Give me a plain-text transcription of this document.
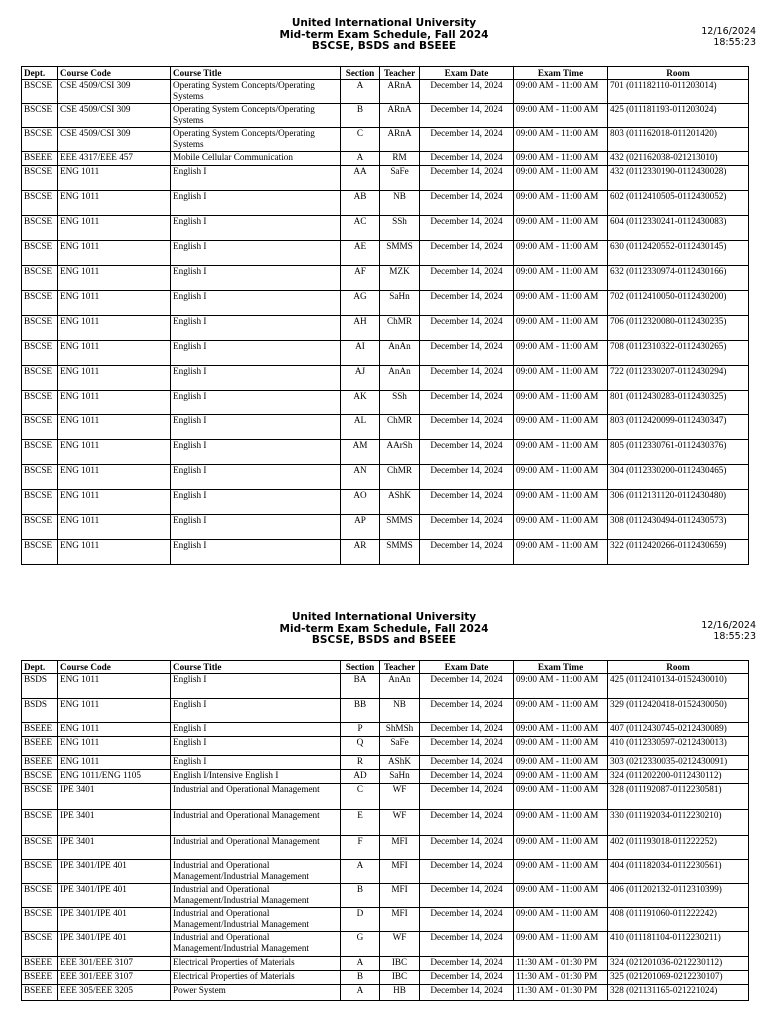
United International University
Mid-term Exam Schedule, Fall 2024
BSCSE, BSDS and BSEEE
12/16/2024
18:55:23
Dept.	Course Code	Course Title	Section	Teacher	Exam Date	Exam Time	Room
BSCSE	CSE 4509/CSI 309	Operating System Concepts/Operating Systems	A	ARnA	December 14, 2024	09:00 AM - 11:00 AM	701 (011182110-011203014)
BSCSE	CSE 4509/CSI 309	Operating System Concepts/Operating Systems	B	ARnA	December 14, 2024	09:00 AM - 11:00 AM	425 (011181193-011203024)
BSCSE	CSE 4509/CSI 309	Operating System Concepts/Operating Systems	C	ARnA	December 14, 2024	09:00 AM - 11:00 AM	803 (011162018-011201420)
BSEEE	EEE 4317/EEE 457	Mobile Cellular Communication	A	RM	December 14, 2024	09:00 AM - 11:00 AM	432 (021162038-021213010)
BSCSE	ENG 1011	English I	AA	SaFe	December 14, 2024	09:00 AM - 11:00 AM	432 (0112330190-0112430028)
BSCSE	ENG 1011	English I	AB	NB	December 14, 2024	09:00 AM - 11:00 AM	602 (0112410505-0112430052)
BSCSE	ENG 1011	English I	AC	SSh	December 14, 2024	09:00 AM - 11:00 AM	604 (0112330241-0112430083)
BSCSE	ENG 1011	English I	AE	SMMS	December 14, 2024	09:00 AM - 11:00 AM	630 (0112420552-0112430145)
BSCSE	ENG 1011	English I	AF	MZK	December 14, 2024	09:00 AM - 11:00 AM	632 (0112330974-0112430166)
BSCSE	ENG 1011	English I	AG	SaHn	December 14, 2024	09:00 AM - 11:00 AM	702 (0112410050-0112430200)
BSCSE	ENG 1011	English I	AH	ChMR	December 14, 2024	09:00 AM - 11:00 AM	706 (0112320080-0112430235)
BSCSE	ENG 1011	English I	AI	AnAn	December 14, 2024	09:00 AM - 11:00 AM	708 (0112310322-0112430265)
BSCSE	ENG 1011	English I	AJ	AnAn	December 14, 2024	09:00 AM - 11:00 AM	722 (0112330207-0112430294)
BSCSE	ENG 1011	English I	AK	SSh	December 14, 2024	09:00 AM - 11:00 AM	801 (0112430283-0112430325)
BSCSE	ENG 1011	English I	AL	ChMR	December 14, 2024	09:00 AM - 11:00 AM	803 (0112420099-0112430347)
BSCSE	ENG 1011	English I	AM	AArSh	December 14, 2024	09:00 AM - 11:00 AM	805 (0112330761-0112430376)
BSCSE	ENG 1011	English I	AN	ChMR	December 14, 2024	09:00 AM - 11:00 AM	304 (0112330200-0112430465)
BSCSE	ENG 1011	English I	AO	AShK	December 14, 2024	09:00 AM - 11:00 AM	306 (0112131120-0112430480)
BSCSE	ENG 1011	English I	AP	SMMS	December 14, 2024	09:00 AM - 11:00 AM	308 (0112430494-0112430573)
BSCSE	ENG 1011	English I	AR	SMMS	December 14, 2024	09:00 AM - 11:00 AM	322 (0112420266-0112430659)
United International University
Mid-term Exam Schedule, Fall 2024
BSCSE, BSDS and BSEEE
12/16/2024
18:55:23
Dept.	Course Code	Course Title	Section	Teacher	Exam Date	Exam Time	Room
BSDS	ENG 1011	English I	BA	AnAn	December 14, 2024	09:00 AM - 11:00 AM	425 (0112410134-0152430010)
BSDS	ENG 1011	English I	BB	NB	December 14, 2024	09:00 AM - 11:00 AM	329 (0112420418-0152430050)
BSEEE	ENG 1011	English I	P	ShMSh	December 14, 2024	09:00 AM - 11:00 AM	407 (0112430745-0212430089)
BSEEE	ENG 1011	English I	Q	SaFe	December 14, 2024	09:00 AM - 11:00 AM	410 (0112330597-0212430013)
BSEEE	ENG 1011	English I	R	AShK	December 14, 2024	09:00 AM - 11:00 AM	303 (0212330035-0212430091)
BSCSE	ENG 1011/ENG 1105	English I/Intensive English I	AD	SaHn	December 14, 2024	09:00 AM - 11:00 AM	324 (011202200-0112430112)
BSCSE	IPE 3401	Industrial and Operational Management	C	WF	December 14, 2024	09:00 AM - 11:00 AM	328 (011192087-0112230581)
BSCSE	IPE 3401	Industrial and Operational Management	E	WF	December 14, 2024	09:00 AM - 11:00 AM	330 (011192034-0112230210)
BSCSE	IPE 3401	Industrial and Operational Management	F	MFI	December 14, 2024	09:00 AM - 11:00 AM	402 (011193018-011222252)
BSCSE	IPE 3401/IPE 401	Industrial and Operational Management/Industrial Management	A	MFI	December 14, 2024	09:00 AM - 11:00 AM	404 (011182034-0112230561)
BSCSE	IPE 3401/IPE 401	Industrial and Operational Management/Industrial Management	B	MFI	December 14, 2024	09:00 AM - 11:00 AM	406 (011202132-0112310399)
BSCSE	IPE 3401/IPE 401	Industrial and Operational Management/Industrial Management	D	MFI	December 14, 2024	09:00 AM - 11:00 AM	408 (011191060-011222242)
BSCSE	IPE 3401/IPE 401	Industrial and Operational Management/Industrial Management	G	WF	December 14, 2024	09:00 AM - 11:00 AM	410 (011181104-0112230211)
BSEEE	EEE 301/EEE 3107	Electrical Properties of Materials	A	IBC	December 14, 2024	11:30 AM - 01:30 PM	324 (021201036-0212230112)
BSEEE	EEE 301/EEE 3107	Electrical Properties of Materials	B	IBC	December 14, 2024	11:30 AM - 01:30 PM	325 (021201069-0212230107)
BSEEE	EEE 305/EEE 3205	Power System	A	HB	December 14, 2024	11:30 AM - 01:30 PM	328 (021131165-021221024)
